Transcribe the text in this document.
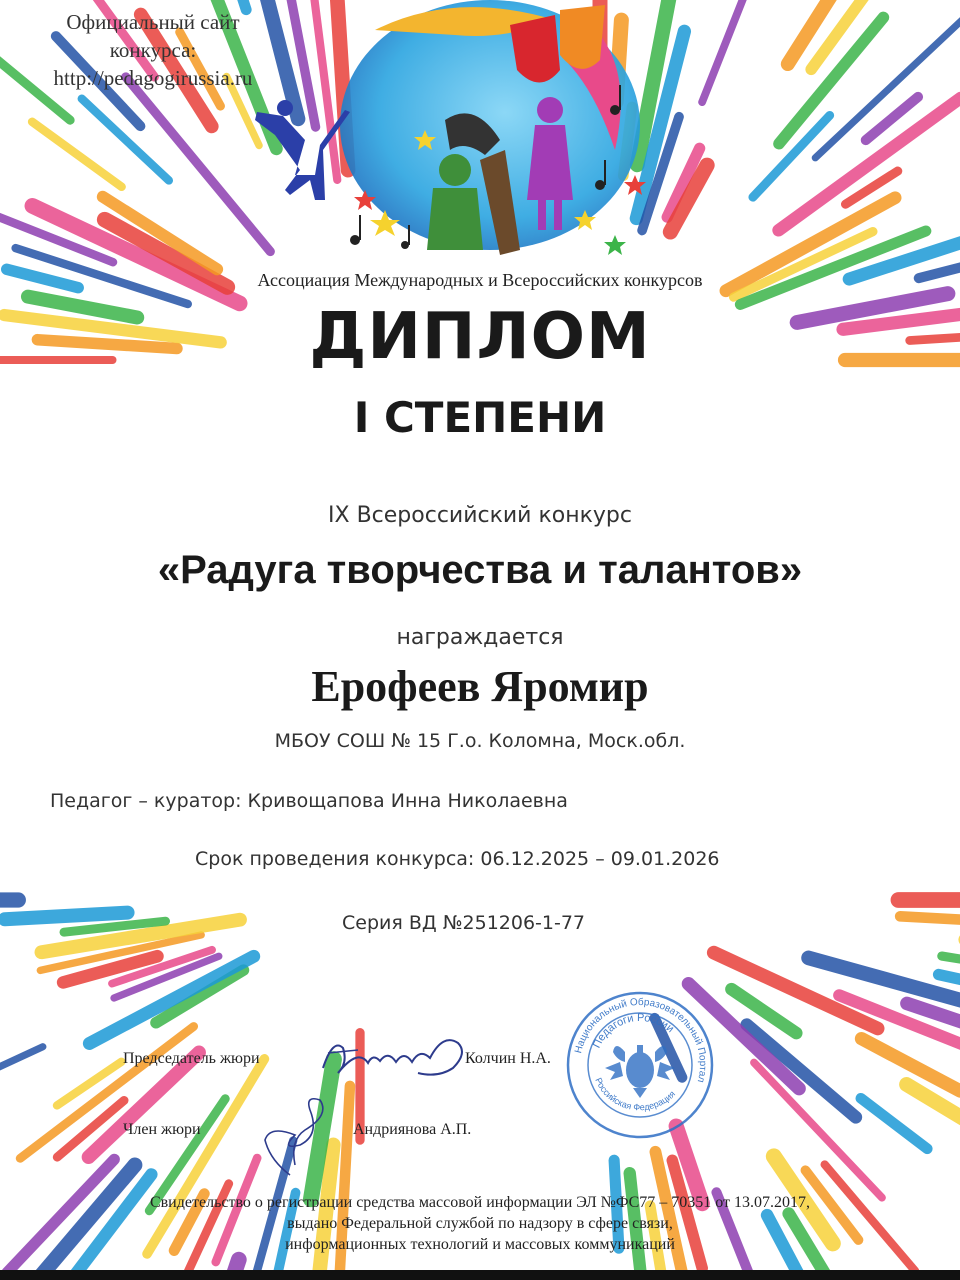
Официальный сайт
конкурса:
http://pedagogirussia.ru
Ассоциация Международных и Всероссийских конкурсов
ДИПЛОМ
I СТЕПЕНИ
IX Всероссийский конкурс
«Радуга творчества и талантов»
награждается
Ерофеев Яромир
МБОУ СОШ № 15 Г.о. Коломна, Моск.обл.
Педагог – куратор: Кривощапова Инна Николаевна
Срок проведения конкурса: 06.12.2025 – 09.01.2026
Серия ВД №251206-1-77
Председатель жюри	Колчин Н.А.
Член жюри	Андриянова А.П.
Национальный Образовательный Портал
Педагоги России
Российская Федерация
Свидетельство о регистрации средства массовой информации ЭЛ №ФС77 – 70351 от 13.07.2017,
выдано Федеральной службой по надзору в сфере связи,
информационных технологий и массовых коммуникаций
